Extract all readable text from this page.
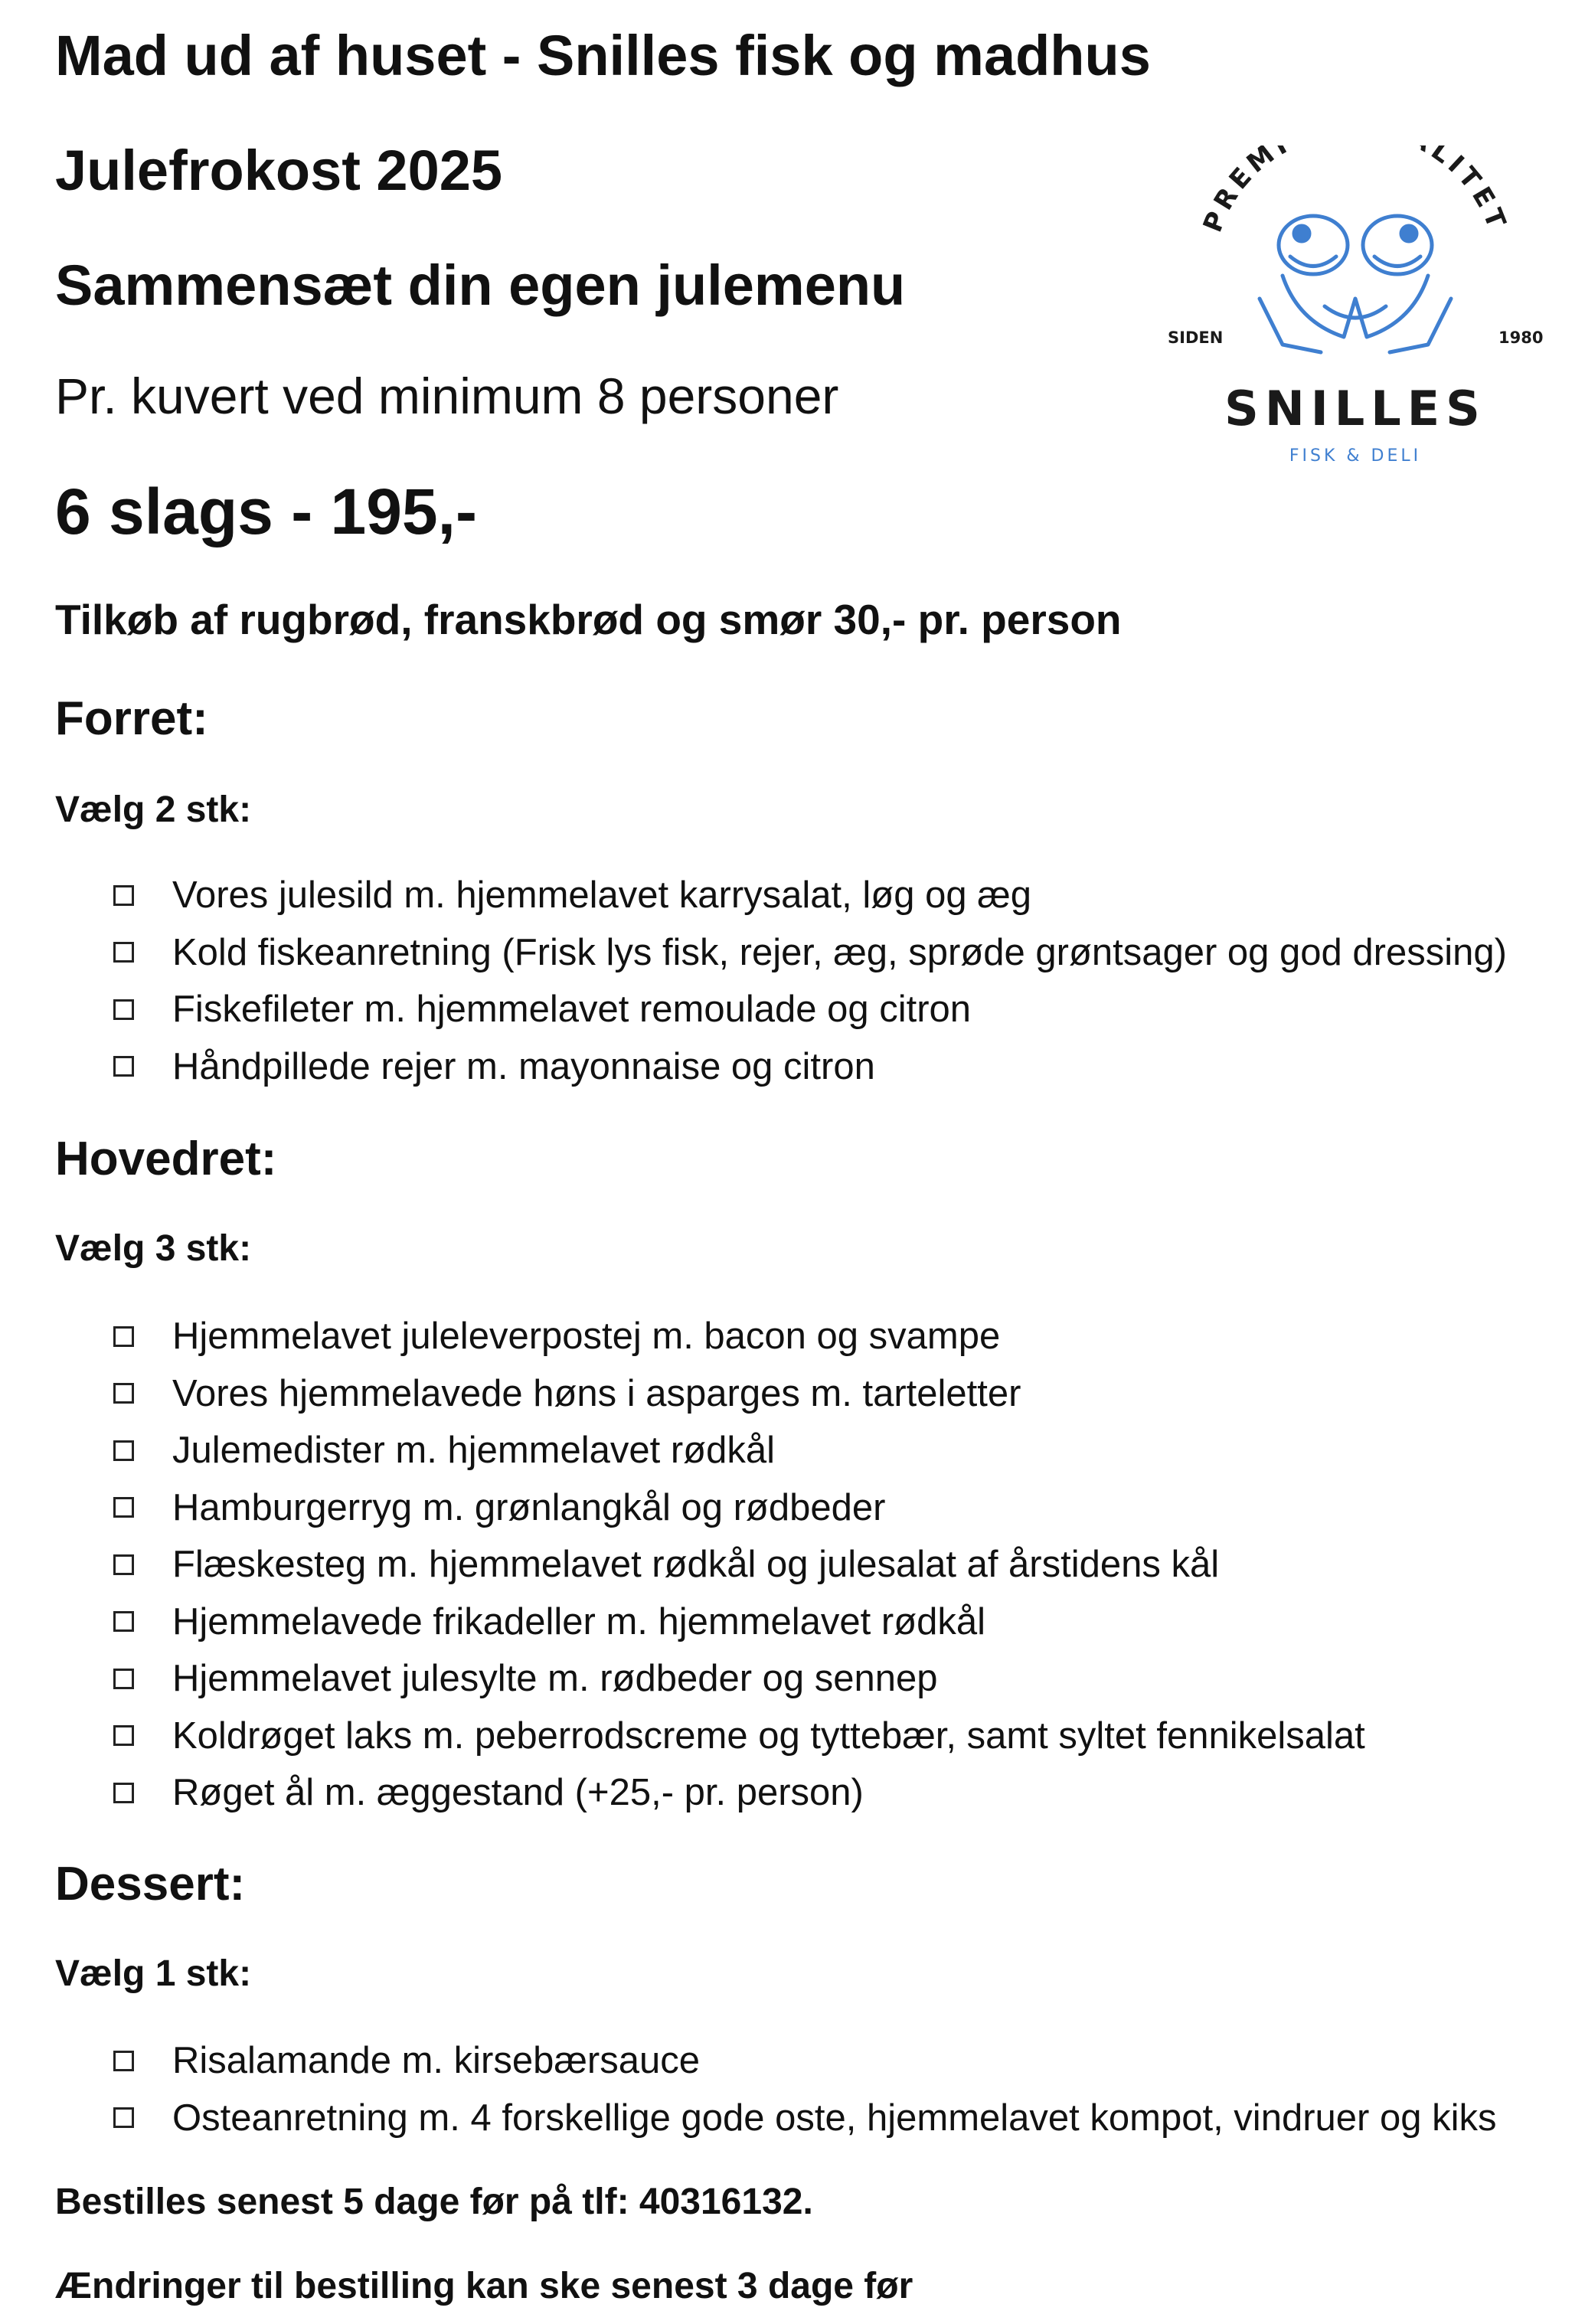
Mad ud af huset - Snilles fisk og madhus
Julefrokost 2025
Sammensæt din egen julemenu

Pr. kuvert ved minimum 8 personer

6 slags - 195,-

Tilkøb af rugbrød, franskbrød og smør 30,- pr. person

PREM LITET
SIDEN	1980
SNILLES
FISK & DELI
Forret:

Vælg 2 stk:

Vores julesild m. hjemmelavet karrysalat, løg og æg
Kold fiskeanretning (Frisk lys fisk, rejer, æg, sprøde grøntsager og god dressing)
Fiskefileter m. hjemmelavet remoulade og citron
Håndpillede rejer m. mayonnaise og citron
Hovedret:

Vælg 3 stk:

Hjemmelavet juleleverpostej m. bacon og svampe
Vores hjemmelavede høns i asparges m. tarteletter
Julemedister m. hjemmelavet rødkål
Hamburgerryg m. grønlangkål og rødbeder
Flæskesteg m. hjemmelavet rødkål og julesalat af årstidens kål
Hjemmelavede frikadeller m. hjemmelavet rødkål
Hjemmelavet julesylte m. rødbeder og sennep
Koldrøget laks m. peberrodscreme og tyttebær, samt syltet fennikelsalat
Røget ål m. æggestand (+25,- pr. person)
Dessert:

Vælg 1 stk:

Risalamande m. kirsebærsauce
Osteanretning m. 4 forskellige gode oste, hjemmelavet kompot, vindruer og kiks

Bestilles senest 5 dage før på tlf: 40316132.

Ændringer til bestilling kan ske senest 3 dage før
